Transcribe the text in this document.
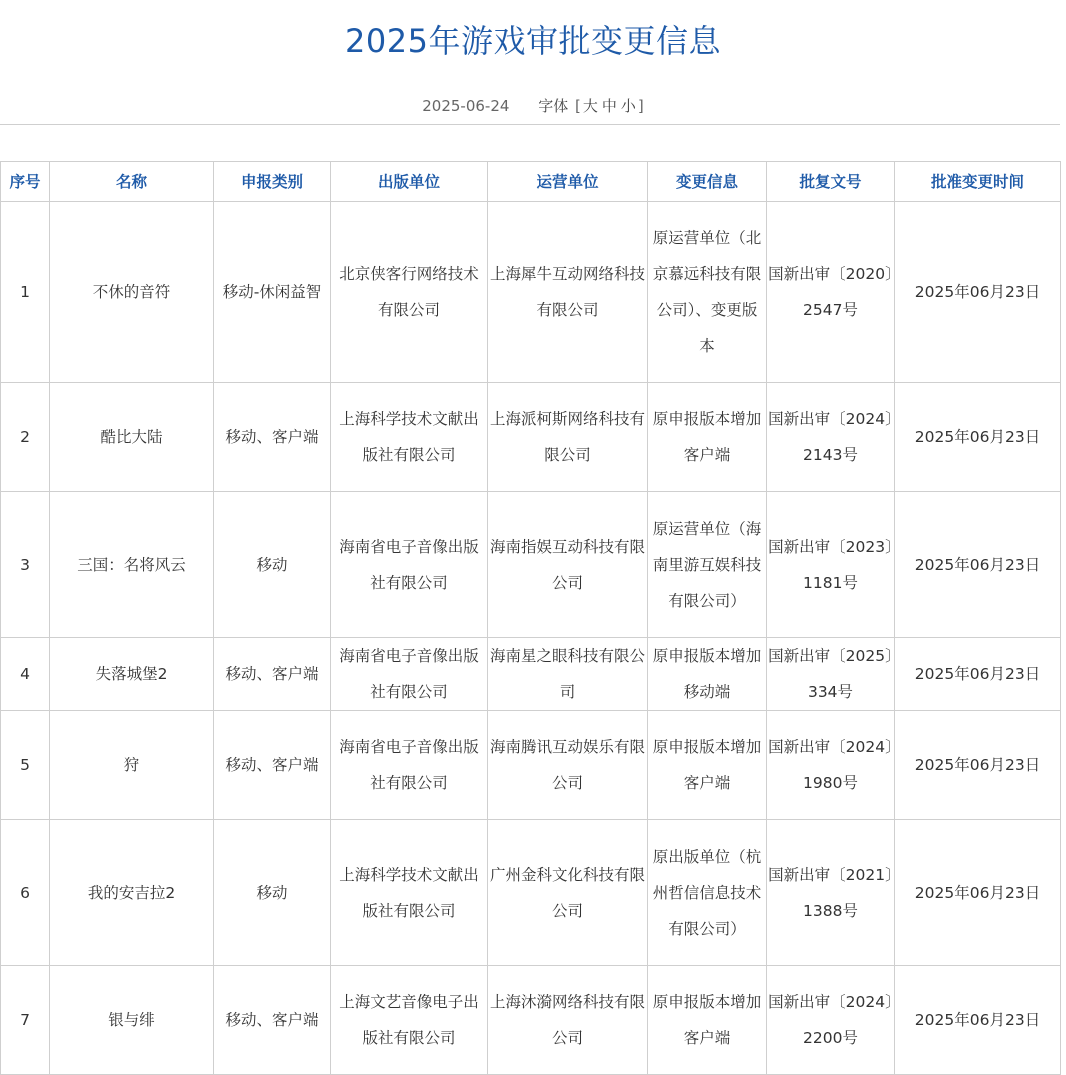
2025年游戏审批变更信息
2025-06-24 字体 [ 大 中 小 ]
序号	名称	申报类别	出版单位	运营单位	变更信息	批复文号	批准变更时间
1	不休的音符	移动-休闲益智	北京侠客行网络技术有限公司	上海犀牛互动网络科技有限公司	原运营单位（北京慕远科技有限公司）、变更版本	国新出审〔2020〕2547号	2025年06月23日
2	酷比大陆	移动、客户端	上海科学技术文献出版社有限公司	上海派柯斯网络科技有限公司	原申报版本增加客户端	国新出审〔2024〕2143号	2025年06月23日
3	三国：名将风云	移动	海南省电子音像出版社有限公司	海南指娱互动科技有限公司	原运营单位（海南里游互娱科技有限公司）	国新出审〔2023〕1181号	2025年06月23日
4	失落城堡2	移动、客户端	海南省电子音像出版社有限公司	海南星之眼科技有限公司	原申报版本增加移动端	国新出审〔2025〕334号	2025年06月23日
5	狩	移动、客户端	海南省电子音像出版社有限公司	海南腾讯互动娱乐有限公司	原申报版本增加客户端	国新出审〔2024〕1980号	2025年06月23日
6	我的安吉拉2	移动	上海科学技术文献出版社有限公司	广州金科文化科技有限公司	原出版单位（杭州哲信信息技术有限公司）	国新出审〔2021〕1388号	2025年06月23日
7	银与绯	移动、客户端	上海文艺音像电子出版社有限公司	上海沐漪网络科技有限公司	原申报版本增加客户端	国新出审〔2024〕2200号	2025年06月23日
